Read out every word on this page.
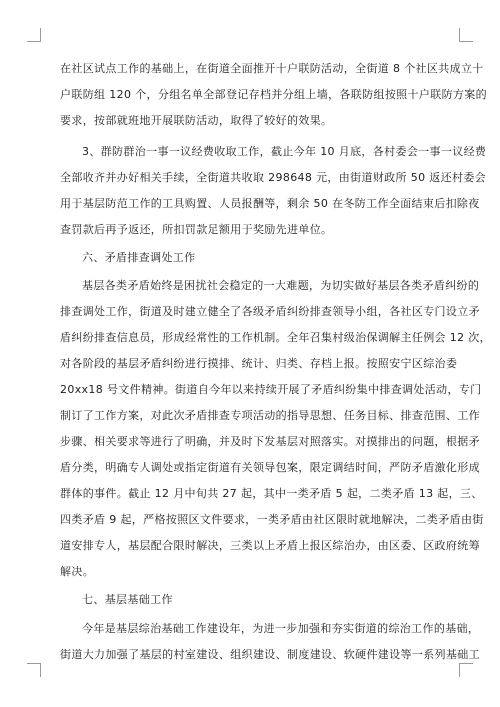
在社区试点工作的基础上，在街道全面推开十户联防活动，全街道 8 个社区共成立十
户联防组 120 个，分组名单全部登记存档并分组上墙，各联防组按照十户联防方案的
要求，按部就班地开展联防活动，取得了较好的效果。
3、群防群治一事一议经费收取工作，截止今年 10 月底，各村委会一事一议经费
全部收齐并办好相关手续，全街道共收取 298648 元，由街道财政所 50 返还村委会
用于基层防范工作的工具购置、人员报酬等，剩余 50 在冬防工作全面结束后扣除夜
查罚款后再予返还，所扣罚款足额用于奖励先进单位。
六、矛盾排查调处工作
基层各类矛盾始终是困扰社会稳定的一大难题，为切实做好基层各类矛盾纠纷的
排查调处工作，街道及时建立健全了各级矛盾纠纷排查领导小组，各社区专门设立矛
盾纠纷排查信息员，形成经常性的工作机制。全年召集村级治保调解主任例会 12 次，
对各阶段的基层矛盾纠纷进行摸排、统计、归类、存档上报。按照安宁区综治委
20xx18 号文件精神。街道自今年以来持续开展了矛盾纠纷集中排查调处活动，专门
制订了工作方案，对此次矛盾排查专项活动的指导思想、任务目标、排查范围、工作
步骤、相关要求等进行了明确，并及时下发基层对照落实。对摸排出的问题，根据矛
盾分类，明确专人调处或指定街道有关领导包案，限定调结时间，严防矛盾激化形成
群体的事件。截止 12 月中旬共 27 起，其中一类矛盾 5 起，二类矛盾 13 起，三、
四类矛盾 9 起，严格按照区文件要求，一类矛盾由社区限时就地解决，二类矛盾由街
道安排专人，基层配合限时解决，三类以上矛盾上报区综治办，由区委、区政府统筹
解决。
七、基层基础工作
今年是基层综治基础工作建设年，为进一步加强和夯实街道的综治工作的基础，
街道大力加强了基层的村室建设、组织建设、制度建设、软硬件建设等一系列基础工
